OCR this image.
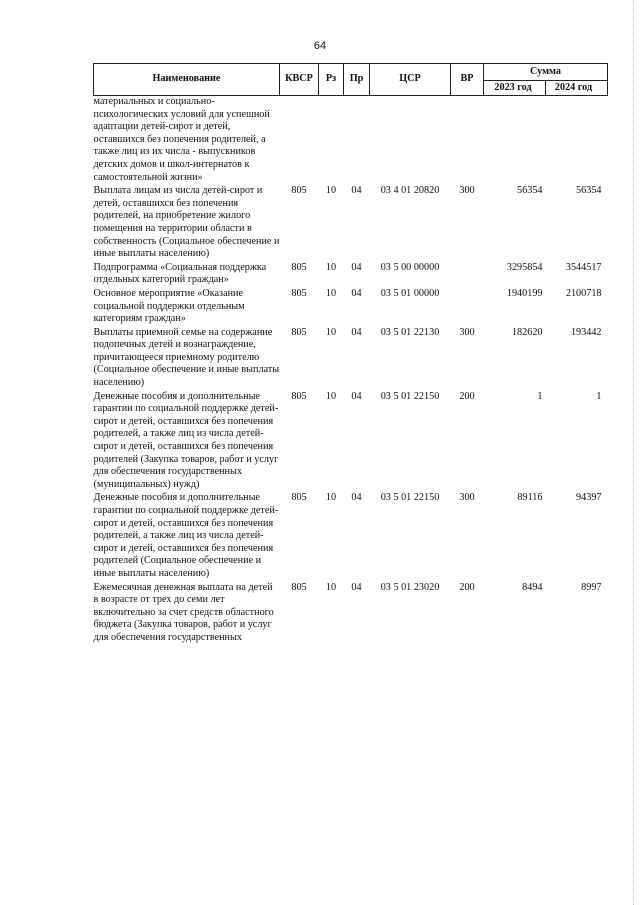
64
Наименование	КВСР	Рз	Пр	ЦСР	ВР	Сумма	
						2023 год	2024 год
материальных и социально-психологических условий для успешной адаптации детей-сирот и детей, оставшихся без попечения родителей, а также лиц из их числа - выпускников детских домов и школ-интернатов к самостоятельной жизни»							
Выплата лицам из числа детей-сирот и детей, оставшихся без попечения родителей, на приобретение жилого помещения на территории области в собственность (Социальное обеспечение и иные выплаты населению)	805	10	04	03 4 01 20820	300	56354	56354
Подпрограмма «Социальная поддержка отдельных категорий граждан»	805	10	04	03 5 00 00000		3295854	3544517
Основное мероприятие «Оказание социальной поддержки отдельным категориям граждан»	805	10	04	03 5 01 00000		1940199	2100718
Выплаты приемной семье на содержание подопечных детей и вознаграждение, причитающееся приемному родителю (Социальное обеспечение и иные выплаты населению)	805	10	04	03 5 01 22130	300	182620	193442
Денежные пособия и дополнительные гарантии по социальной поддержке детей-сирот и детей, оставшихся без попечения родителей, а также лиц из числа детей-сирот и детей, оставшихся без попечения родителей (Закупка товаров, работ и услуг для обеспечения государственных (муниципальных) нужд)	805	10	04	03 5 01 22150	200	1	1
Денежные пособия и дополнительные гарантии по социальной поддержке детей-сирот и детей, оставшихся без попечения родителей, а также лиц из числа детей-сирот и детей, оставшихся без попечения родителей (Социальное обеспечение и иные выплаты населению)	805	10	04	03 5 01 22150	300	89116	94397
Ежемесячная денежная выплата на детей в возрасте от трех до семи лет включительно за счет средств областного бюджета (Закупка товаров, работ и услуг для обеспечения государственных	805	10	04	03 5 01 23020	200	8494	8997
